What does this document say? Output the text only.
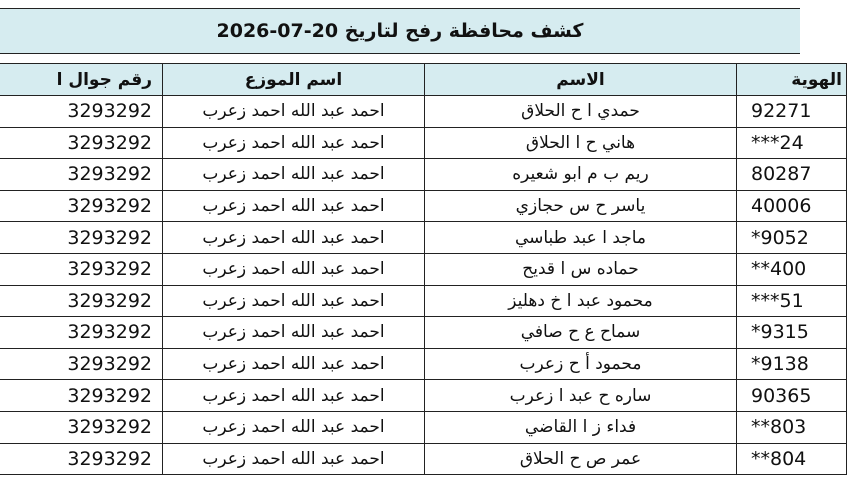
كشف محافظة رفح لتاريخ 20-07-2026
رقم جوال ا	اسم الموزع	الاسم	الهوية
3293292	احمد عبد الله احمد زعرب	حمدي ا ح الحلاق	92271
3293292	احمد عبد الله احمد زعرب	هاني ح ا الحلاق	***24
3293292	احمد عبد الله احمد زعرب	ريم ب م ابو شعيره	80287
3293292	احمد عبد الله احمد زعرب	ياسر ح س حجازي	40006
3293292	احمد عبد الله احمد زعرب	ماجد ا عبد طباسي	*9052
3293292	احمد عبد الله احمد زعرب	حماده س ا قديح	**400
3293292	احمد عبد الله احمد زعرب	محمود عبد ا خ دهليز	***51
3293292	احمد عبد الله احمد زعرب	سماح ع ح صافي	*9315
3293292	احمد عبد الله احمد زعرب	محمود أ ح زعرب	*9138
3293292	احمد عبد الله احمد زعرب	ساره ح عبد ا زعرب	90365
3293292	احمد عبد الله احمد زعرب	فداء ز ا القاضي	**803
3293292	احمد عبد الله احمد زعرب	عمر ص ح الحلاق	**804
